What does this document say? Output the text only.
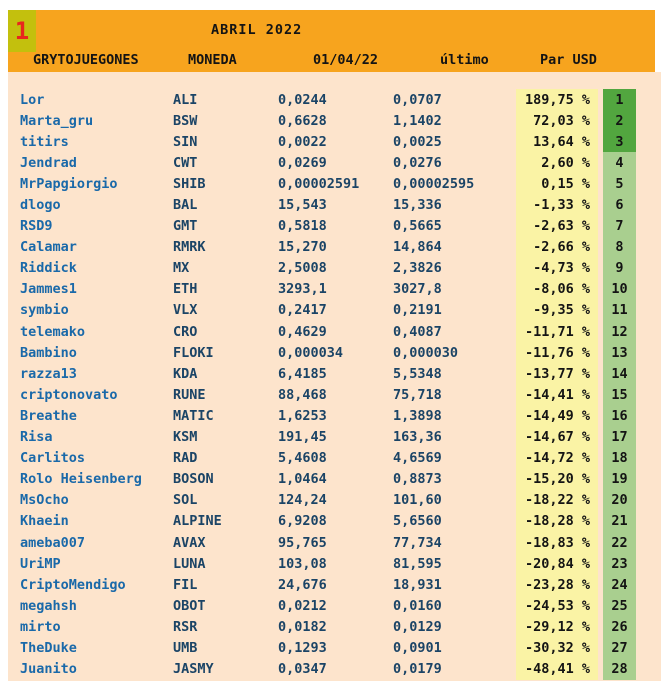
1	ABRIL 2022
GRYTOJUEGONES	MONEDA	01/04/22	último	Par USD
Lor	ALI	0,0244	0,0707	189,75 %	1
Marta_gru	BSW	0,6628	1,1402	72,03 %	2
titirs	SIN	0,0022	0,0025	13,64 %	3
Jendrad	CWT	0,0269	0,0276	2,60 %	4
MrPapgiorgio	SHIB	0,00002591	0,00002595	0,15 %	5
dlogo	BAL	15,543	15,336	-1,33 %	6
RSD9	GMT	0,5818	0,5665	-2,63 %	7
Calamar	RMRK	15,270	14,864	-2,66 %	8
Riddick	MX	2,5008	2,3826	-4,73 %	9
Jammes1	ETH	3293,1	3027,8	-8,06 %	10
symbio	VLX	0,2417	0,2191	-9,35 %	11
telemako	CRO	0,4629	0,4087	-11,71 %	12
Bambino	FLOKI	0,000034	0,000030	-11,76 %	13
razza13	KDA	6,4185	5,5348	-13,77 %	14
criptonovato	RUNE	88,468	75,718	-14,41 %	15
Breathe	MATIC	1,6253	1,3898	-14,49 %	16
Risa	KSM	191,45	163,36	-14,67 %	17
Carlitos	RAD	5,4608	4,6569	-14,72 %	18
Rolo Heisenberg	BOSON	1,0464	0,8873	-15,20 %	19
MsOcho	SOL	124,24	101,60	-18,22 %	20
Khaein	ALPINE	6,9208	5,6560	-18,28 %	21
ameba007	AVAX	95,765	77,734	-18,83 %	22
UriMP	LUNA	103,08	81,595	-20,84 %	23
CriptoMendigo	FIL	24,676	18,931	-23,28 %	24
megahsh	OBOT	0,0212	0,0160	-24,53 %	25
mirto	RSR	0,0182	0,0129	-29,12 %	26
TheDuke	UMB	0,1293	0,0901	-30,32 %	27
Juanito	JASMY	0,0347	0,0179	-48,41 %	28
